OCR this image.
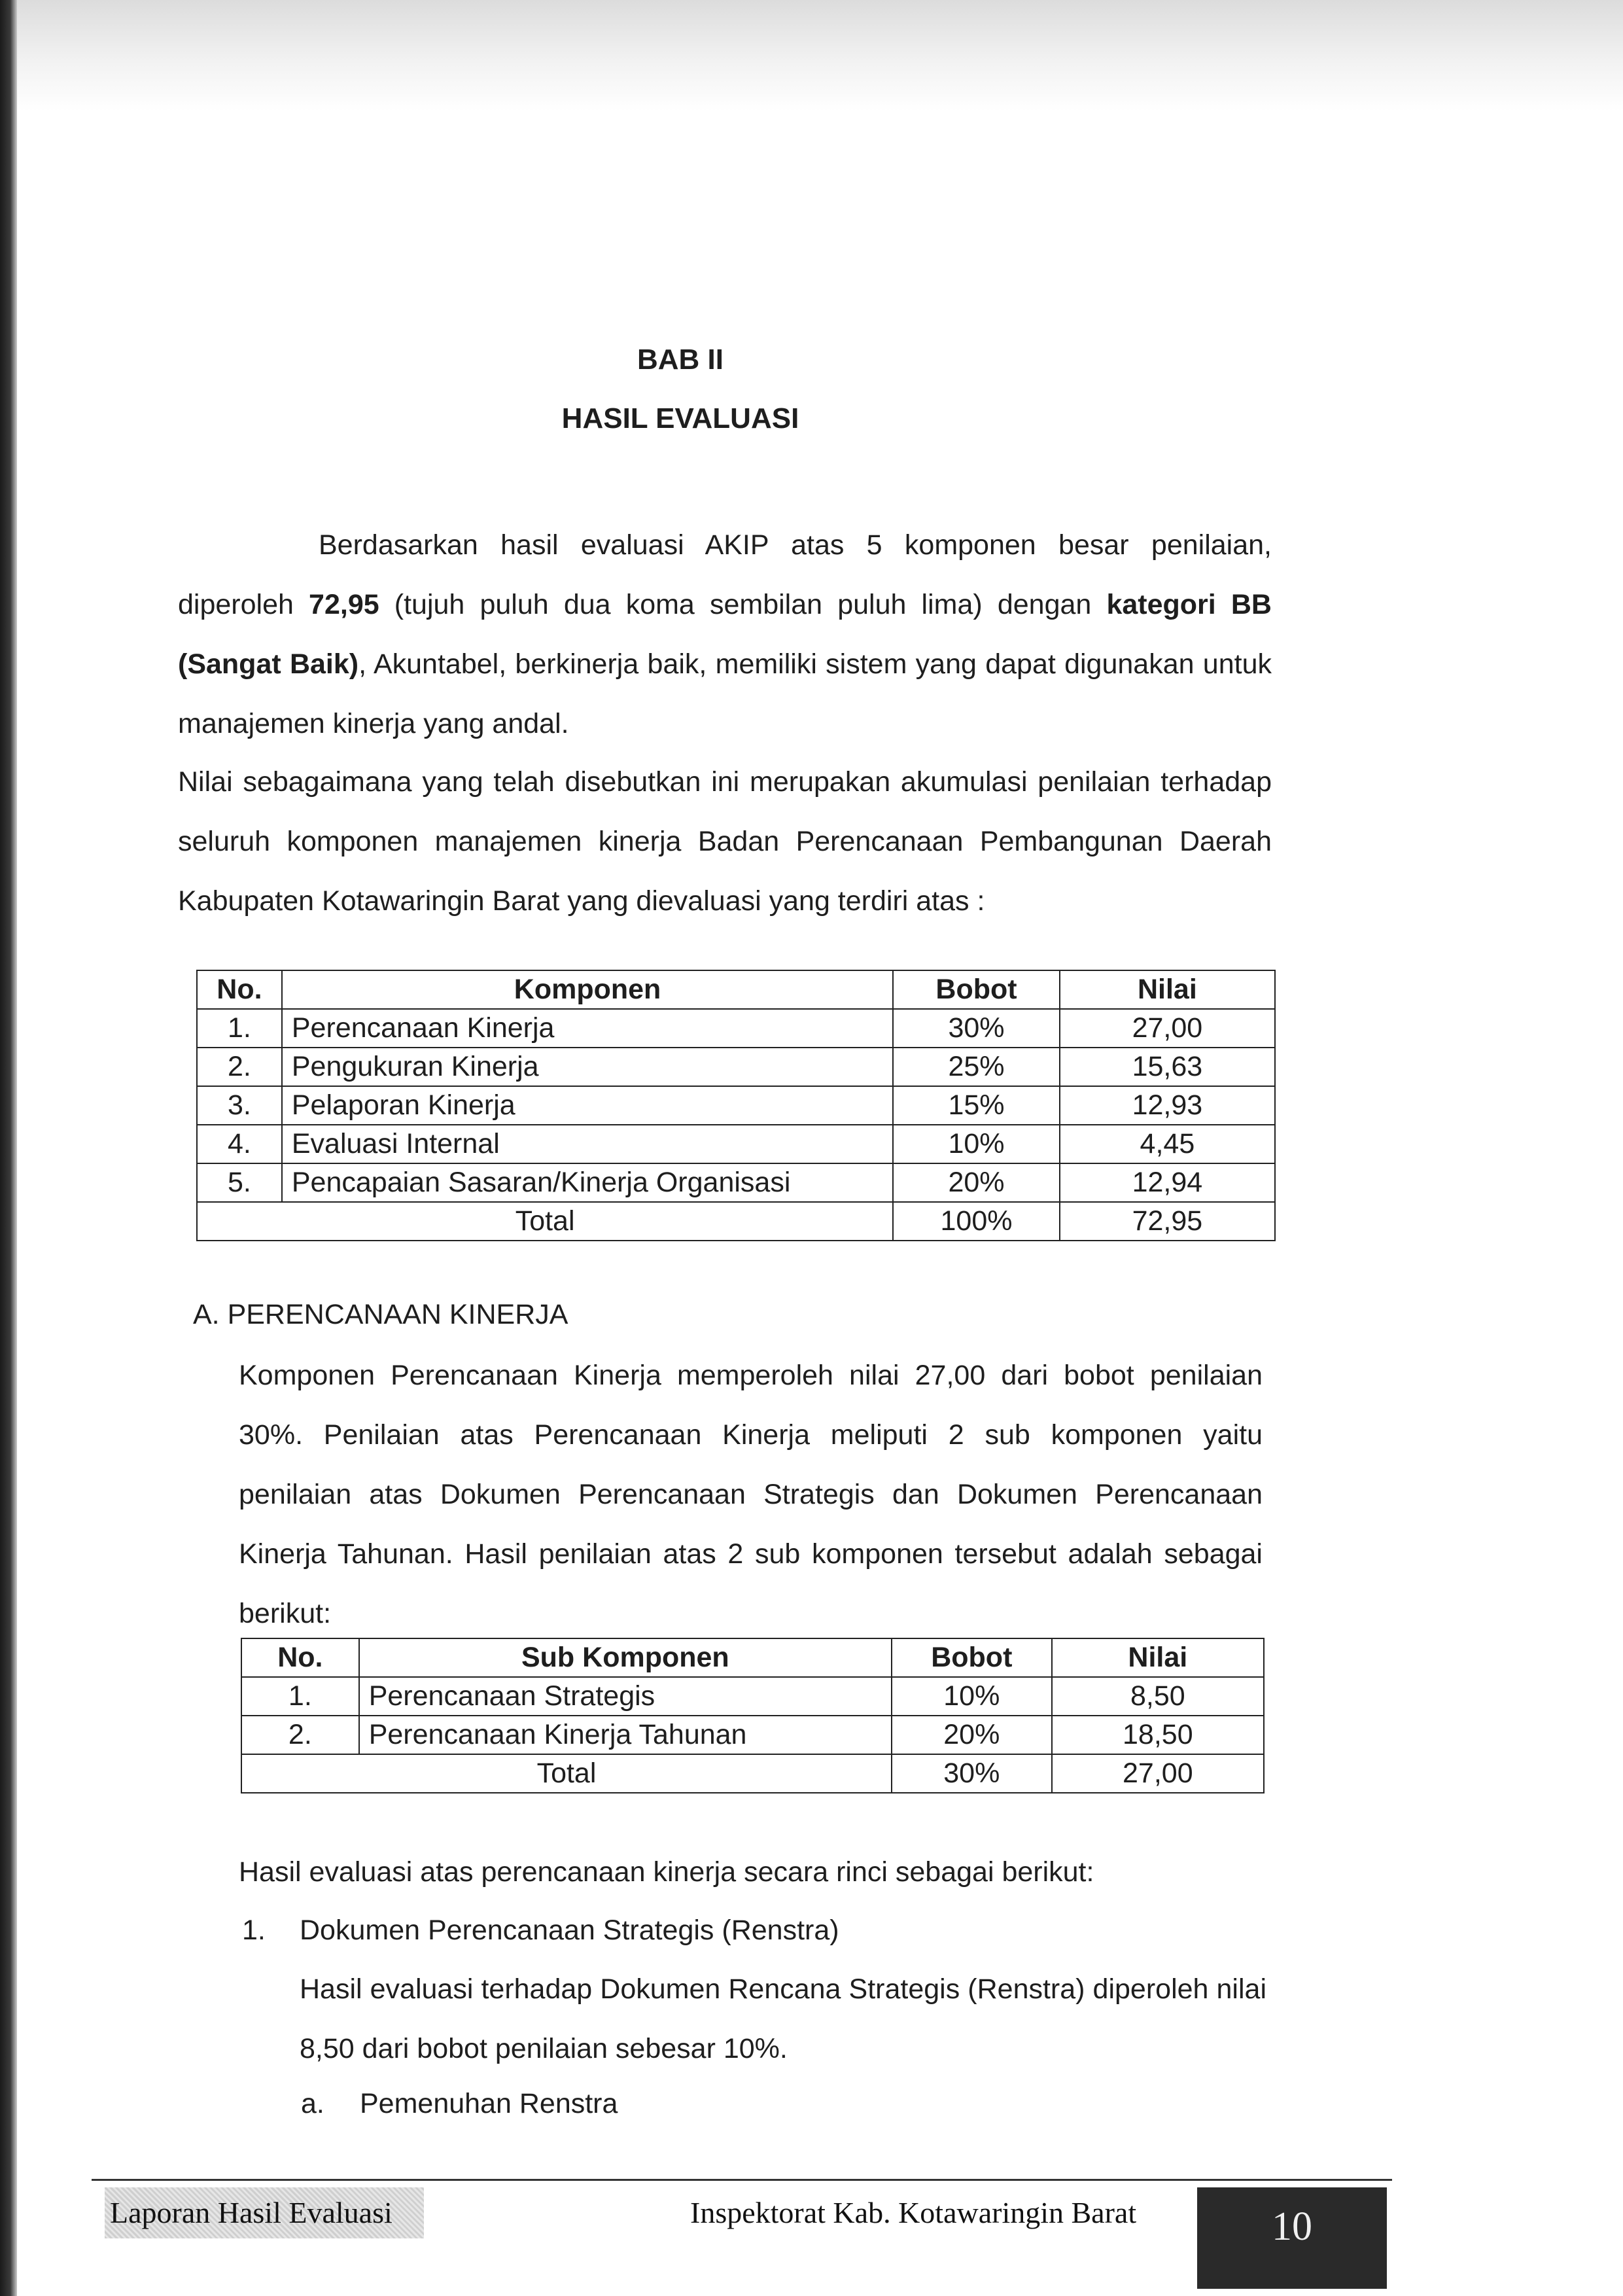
BAB II
HASIL EVALUASI

Berdasarkan hasil evaluasi AKIP atas 5 komponen besar penilaian, diperoleh 72,95 (tujuh puluh dua koma sembilan puluh lima) dengan kategori BB (Sangat Baik), Akuntabel, berkinerja baik, memiliki sistem yang dapat digunakan untuk manajemen kinerja yang andal.

Nilai sebagaimana yang telah disebutkan ini merupakan akumulasi penilaian terhadap seluruh komponen manajemen kinerja Badan Perencanaan Pembangunan Daerah Kabupaten Kotawaringin Barat yang dievaluasi yang terdiri atas :

No.	Komponen	Bobot	Nilai
1.	Perencanaan Kinerja	30%	27,00
2.	Pengukuran Kinerja	25%	15,63
3.	Pelaporan Kinerja	15%	12,93
4.	Evaluasi Internal	10%	4,45
5.	Pencapaian Sasaran/Kinerja Organisasi	20%	12,94
Total		100%	72,95
A. PERENCANAAN KINERJA

Komponen Perencanaan Kinerja memperoleh nilai 27,00 dari bobot penilaian 30%. Penilaian atas Perencanaan Kinerja meliputi 2 sub komponen yaitu penilaian atas Dokumen Perencanaan Strategis dan Dokumen Perencanaan Kinerja Tahunan. Hasil penilaian atas 2 sub komponen tersebut adalah sebagai berikut:

No.	Sub Komponen	Bobot	Nilai
1.	Perencanaan Strategis	10%	8,50
2.	Perencanaan Kinerja Tahunan	20%	18,50
Total		30%	27,00
Hasil evaluasi atas perencanaan kinerja secara rinci sebagai berikut:
1. Dokumen Perencanaan Strategis (Renstra)

Hasil evaluasi terhadap Dokumen Rencana Strategis (Renstra) diperoleh nilai 8,50 dari bobot penilaian sebesar 10%.

a. Pemenuhan Renstra
Laporan Hasil Evaluasi	Inspektorat Kab. Kotawaringin Barat	10
